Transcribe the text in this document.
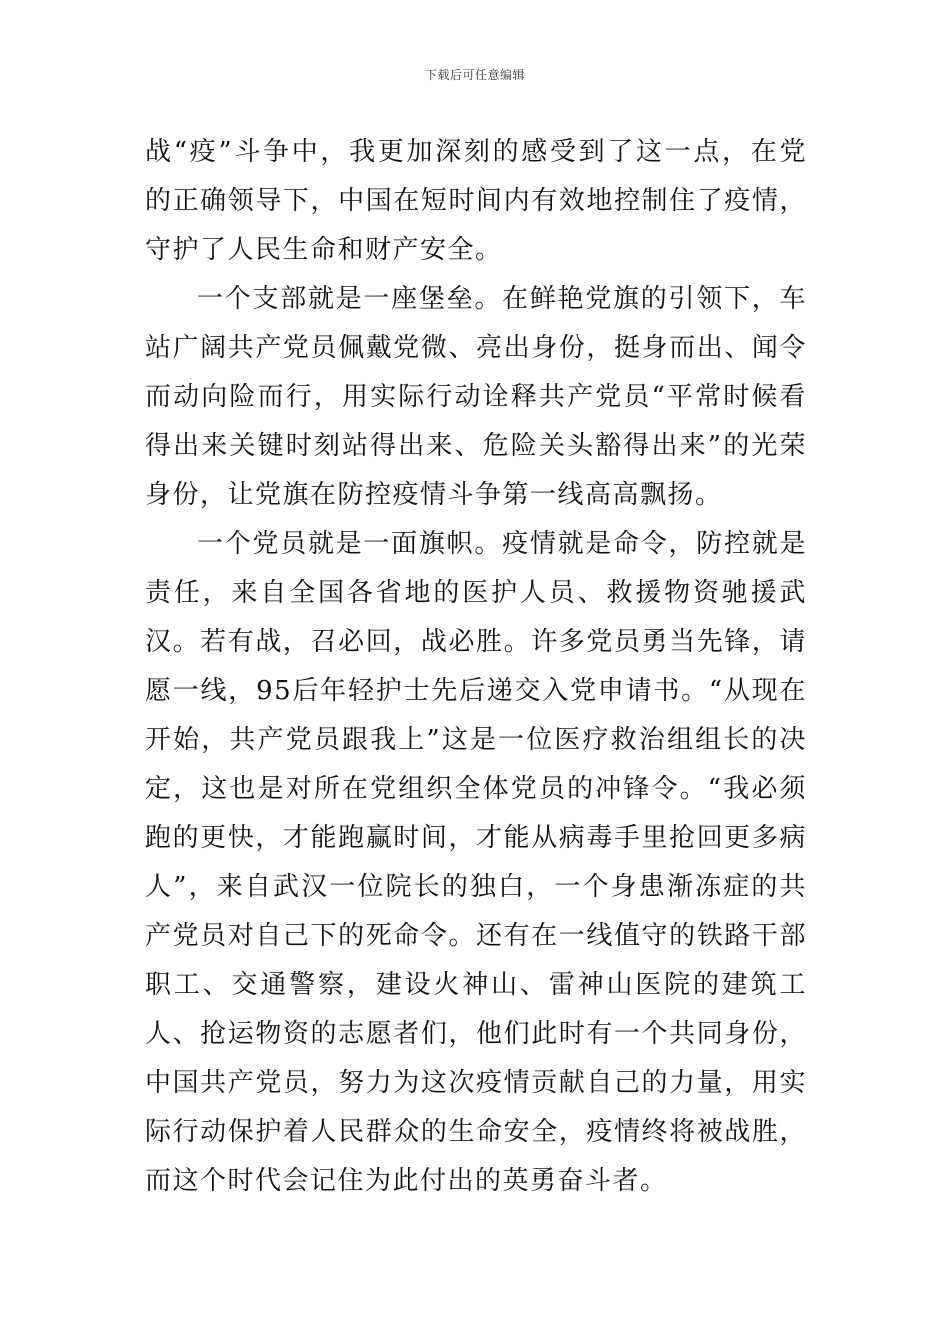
下载后可任意编辑

战“疫”斗争中，我更加深刻的感受到了这一点，在党的正确领导下，中国在短时间内有效地控制住了疫情，守护了人民生命和财产安全。

一个支部就是一座堡垒。在鲜艳党旗的引领下，车站广阔共产党员佩戴党微、亮出身份，挺身而出、闻令而动向险而行，用实际行动诠释共产党员“平常时候看得出来关键时刻站得出来、危险关头豁得出来”的光荣身份，让党旗在防控疫情斗争第一线高高飘扬。

一个党员就是一面旗帜。疫情就是命令，防控就是责任，来自全国各省地的医护人员、救援物资驰援武汉。若有战，召必回，战必胜。许多党员勇当先锋，请愿一线，95后年轻护士先后递交入党申请书。“从现在开始，共产党员跟我上”这是一位医疗救治组组长的决定，这也是对所在党组织全体党员的冲锋令。“我必须跑的更快，才能跑赢时间，才能从病毒手里抢回更多病人”，来自武汉一位院长的独白，一个身患渐冻症的共产党员对自己下的死命令。还有在一线值守的铁路干部职工、交通警察，建设火神山、雷神山医院的建筑工人、抢运物资的志愿者们，他们此时有一个共同身份，中国共产党员，努力为这次疫情贡献自己的力量，用实际行动保护着人民群众的生命安全，疫情终将被战胜，而这个时代会记住为此付出的英勇奋斗者。
